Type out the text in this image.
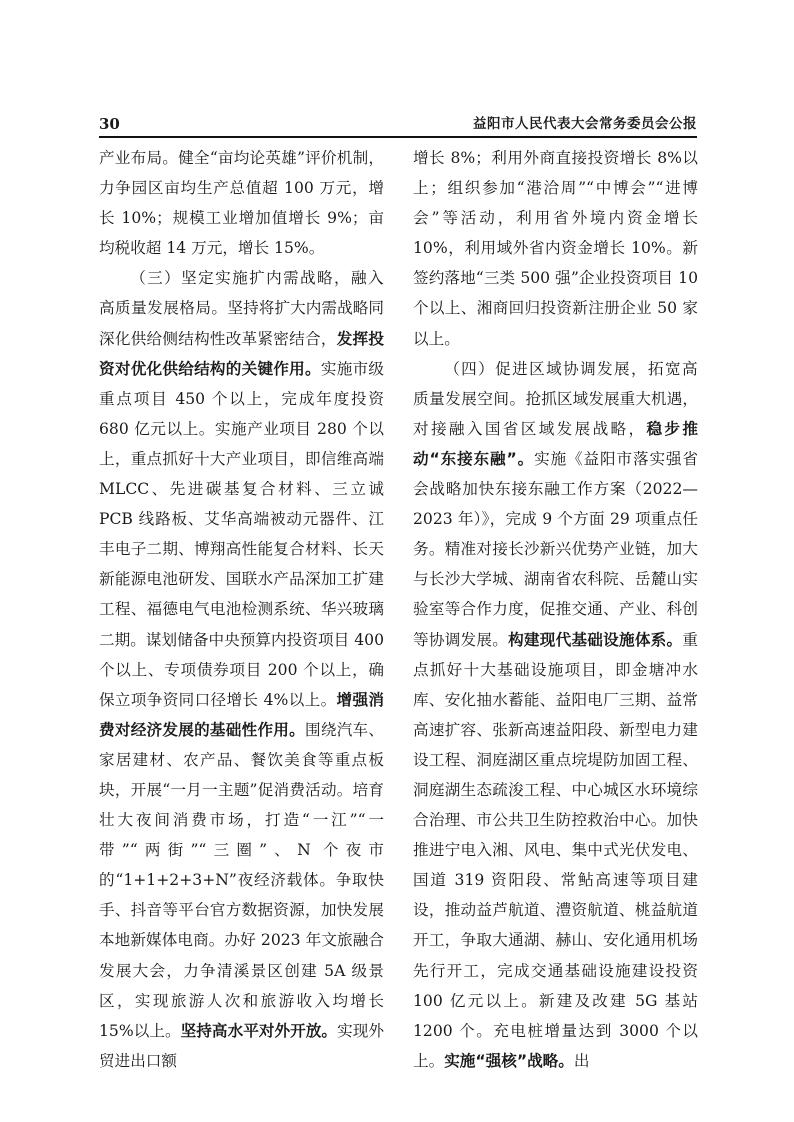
30	益阳市人民代表大会常务委员会公报

产业布局。健全“亩均论英雄”评价机制，力争园区亩均生产总值超 100 万元，增长 10%；规模工业增加值增长 9%；亩均税收超 14 万元，增长 15%。

（三）坚定实施扩内需战略，融入高质量发展格局。坚持将扩大内需战略同深化供给侧结构性改革紧密结合，发挥投资对优化供给结构的关键作用。实施市级重点项目 450 个以上，完成年度投资 680 亿元以上。实施产业项目 280 个以上，重点抓好十大产业项目，即信维高端 MLCC、先进碳基复合材料、三立诚 PCB 线路板、艾华高端被动元器件、江丰电子二期、博翔高性能复合材料、长天新能源电池研发、国联水产品深加工扩建工程、福德电气电池检测系统、华兴玻璃二期。谋划储备中央预算内投资项目 400 个以上、专项债券项目 200 个以上，确保立项争资同口径增长 4%以上。增强消费对经济发展的基础性作用。围绕汽车、家居建材、农产品、餐饮美食等重点板块，开展“一月一主题”促消费活动。培育壮大夜间消费市场，打造“一江”“一带”“两街”“三圈”、N 个夜市的“1+1+2+3+N”夜经济载体。争取快手、抖音等平台官方数据资源，加快发展本地新媒体电商。办好 2023 年文旅融合发展大会，力争清溪景区创建 5A 级景区，实现旅游人次和旅游收入均增长 15%以上。坚持高水平对外开放。实现外贸进出口额

增长 8%；利用外商直接投资增长 8%以上；组织参加“港洽周”“中博会”“进博会”等活动，利用省外境内资金增长 10%，利用域外省内资金增长 10%。新签约落地“三类 500 强”企业投资项目 10 个以上、湘商回归投资新注册企业 50 家以上。

（四）促进区域协调发展，拓宽高质量发展空间。抢抓区域发展重大机遇，对接融入国省区域发展战略，稳步推动“东接东融”。实施《益阳市落实强省会战略加快东接东融工作方案（2022—2023 年）》，完成 9 个方面 29 项重点任务。精准对接长沙新兴优势产业链，加大与长沙大学城、湖南省农科院、岳麓山实验室等合作力度，促推交通、产业、科创等协调发展。构建现代基础设施体系。重点抓好十大基础设施项目，即金塘冲水库、安化抽水蓄能、益阳电厂三期、益常高速扩容、张新高速益阳段、新型电力建设工程、洞庭湖区重点垸堤防加固工程、洞庭湖生态疏浚工程、中心城区水环境综合治理、市公共卫生防控救治中心。加快推进宁电入湘、风电、集中式光伏发电、国道 319 资阳段、常鲇高速等项目建设，推动益芦航道、澧资航道、桃益航道开工，争取大通湖、赫山、安化通用机场先行开工，完成交通基础设施建设投资 100 亿元以上。新建及改建 5G 基站 1200 个。充电桩增量达到 3000 个以上。实施“强核”战略。出
